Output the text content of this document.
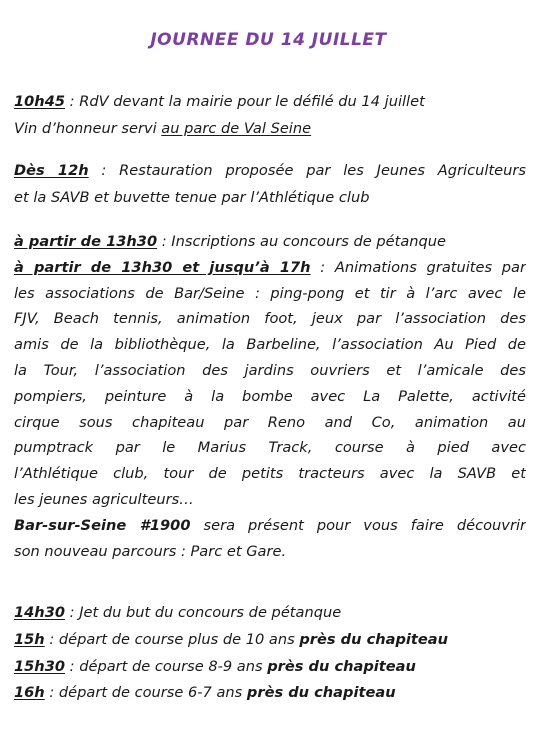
JOURNEE DU 14 JUILLET
10h45 : RdV devant la mairie pour le défilé du 14 juillet
Vin d’honneur servi au parc de Val Seine
Dès 12h : Restauration proposée par les Jeunes Agriculteurs
et la SAVB et buvette tenue par l’Athlétique club
à partir de 13h30 : Inscriptions au concours de pétanque
à partir de 13h30 et jusqu’à 17h : Animations gratuites par
les associations de Bar/Seine : ping-pong et tir à l’arc avec le
FJV, Beach tennis, animation foot, jeux par l’association des
amis de la bibliothèque, la Barbeline, l’association Au Pied de
la Tour, l’association des jardins ouvriers et l’amicale des
pompiers, peinture à la bombe avec La Palette, activité
cirque sous chapiteau par Reno and Co, animation au
pumptrack par le Marius Track, course à pied avec
l’Athlétique club, tour de petits tracteurs avec la SAVB et
les jeunes agriculteurs…
Bar-sur-Seine #1900 sera présent pour vous faire découvrir
son nouveau parcours : Parc et Gare.
14h30 : Jet du but du concours de pétanque
15h : départ de course plus de 10 ans près du chapiteau
15h30 : départ de course 8-9 ans près du chapiteau
16h : départ de course 6-7 ans près du chapiteau
